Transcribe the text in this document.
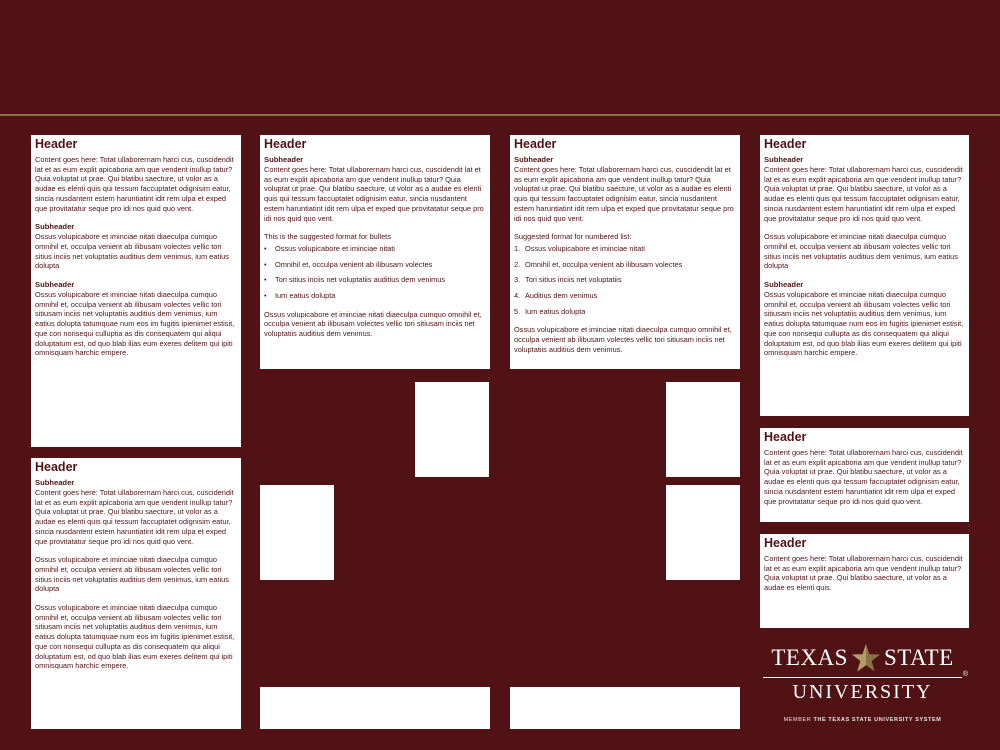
Header

Content goes here: Totat ullaborernam harci cus, cuscidendit lat et as eum explit apicaboria am que vendent inullup tatur? Quia voluptat ut prae. Qui blatibu saecture, ut volor as a audae es elenti quis qui tessum faccuptatet odignisim eatur, sincia nusdantent estem haruntiatint idit rem ulpa et exped que provitatatur seque pro idi nos quid quo vent.

Subheader

Ossus volupicabore et iminciae nitati diaeculpa cumquo omnihil et, occulpa venient ab ilibusam volectes vellic tori sitius inciis net voluptatiis auditius dem venimus, ium eatius dolupta

Subheader

Ossus volupicabore et iminciae nitati diaeculpa cumquo omnihil et, occulpa venient ab ilibusam volectes vellic tori sitiusam inciis net voluptatiis auditius dem venimus, ium eatius dolupta tatumquae num eos im fugitis ipienimet estisit, que con nonsequi culluptia as dis consequatem qui aliqui doluptatum est, od quo blab ilias eum exeres delitem qui ipiti omnisquam harchic empere.

Header
Subheader

Content goes here: Totat ullaborernam harci cus, cuscidendit lat et as eum explit apicaboria am que vendent inullup tatur? Quia voluptat ut prae. Qui blatibu saecture, ut volor as a audae es elenti quis qui tessum faccuptatet odignisim eatur, sincia nusdantent estem haruntiatint idit rem ulpa et exped que provitatatur seque pro idi nos quid quo vent.

Ossus volupicabore et iminciae nitati diaeculpa cumquo omnihil et, occulpa venient ab ilibusam volectes vellic tori sitius inciis net voluptatiis auditius dem venimus, ium eatius dolupta

Ossus volupicabore et iminciae nitati diaeculpa cumquo omnihil et, occulpa venient ab ilibusam volectes vellic tori sitiusam inciis net voluptatiis auditius dem venimus, ium eatius dolupta tatumquae num eos im fugitis ipienimet estisit, que con nonsequi cullupta as dis consequatem qui aliqui doluptatum est, od quo blab ilias eum exeres delitem qui ipiti omnisquam harchic empere.

Header
Subheader

Content goes here: Totat ullaborernam harci cus, cuscidendit lat et as eum explit apicaboria am que vendent inullup tatur? Quia voluptat ut prae. Qui blatibu saecture, ut volor as a audae es elenti quis qui tessum faccuptatet odignisim eatur, sincia nusdantent estem haruntiatint idit rem ulpa et exped que provitatatur seque pro idi nos quid quo vent.

This is the suggested format for bullets
• Ossus volupicabore et iminciae nitati
• Omnihil et, occulpa venient ab ilibusam volectes
• Tori sitius inciis net voluptatiis auditius dem venimus
• Ium eatius dolupta

Ossus volupicabore et iminciae nitati diaeculpa cumquo omnihil et, occulpa venient ab ilibusam volectes vellic tori sitiusam inciis net voluptatiis auditius dem venimus.

Header
Subheader

Content goes here: Totat ullaborernam harci cus, cuscidendit lat et as eum explit apicaboria am que vendent inullup tatur? Quia voluptat ut prae. Qui blatibu saecture, ut volor as a audae es elenti quis qui tessum faccuptatet odignisim eatur, sincia nusdantent estem haruntiatint idit rem ulpa et exped que provitatatur seque pro idi nos quid quo vent.

Suggested format for numbered list:
1. Ossus volupicabore et iminciae nitati
2. Omnihil et, occulpa venient ab ilibusam volectes
3. Tori sitius inciis net voluptatiis
4. Auditius dem venimus
5. Ium eatius dolupta

Ossus volupicabore et iminciae nitati diaeculpa cumquo omnihil et, occulpa venient ab ilibusam volectes vellic tori sitiusam inciis net voluptatiis auditius dem venimus.

Header
Subheader

Content goes here: Totat ullaborernam harci cus, cuscidendit lat et as eum explit apicaboria am que vendent inullup tatur? Quia voluptat ut prae. Qui blatibu saecture, ut volor as a audae es elenti quis qui tessum faccuptatet odignisim eatur, sincia nusdantent estem haruntiatint idit rem ulpa et exped que provitatatur seque pro idi nos quid quo vent.

Ossus volupicabore et iminciae nitati diaeculpa cumquo omnihil et, occulpa venient ab ilibusam volectes vellic tori sitius inciis net voluptatiis auditius dem venimus, ium eatius dolupta

Subheader

Ossus volupicabore et iminciae nitati diaeculpa cumquo omnihil et, occulpa venient ab ilibusam volectes vellic tori sitiusam inciis net voluptatiis auditius dem venimus, ium eatius dolupta tatumquae num eos im fugitis ipienimet estisit, que con nonsequi cullupta as dis consequatem qui aliqui doluptatum est, od quo blab ilias eum exeres delitem qui ipiti omnisquam harchic empere.

Header

Content goes here: Totat ullaborernam harci cus, cuscidendit lat et as eum explit apicaboria am que vendent inullup tatur? Quia voluptat ut prae. Qui blatibu saecture, ut volor as a audae es elenti quis qui tessum faccuptatet odignisim eatur, sincia nusdantent estem haruntiatint idit rem ulpa et exped que provitatatur seque pro idi nos quid quo vent.

Header

Content goes here: Totat ullaborernam harci cus, cuscidendit lat et as eum explit apicaboria am que vendent inullup tatur? Quia voluptat ut prae. Qui blatibu saecture, ut volor as a audae es elenti quis.

TEXAS STATE
UNIVERSITY
®
MEMBER THE TEXAS STATE UNIVERSITY SYSTEM
